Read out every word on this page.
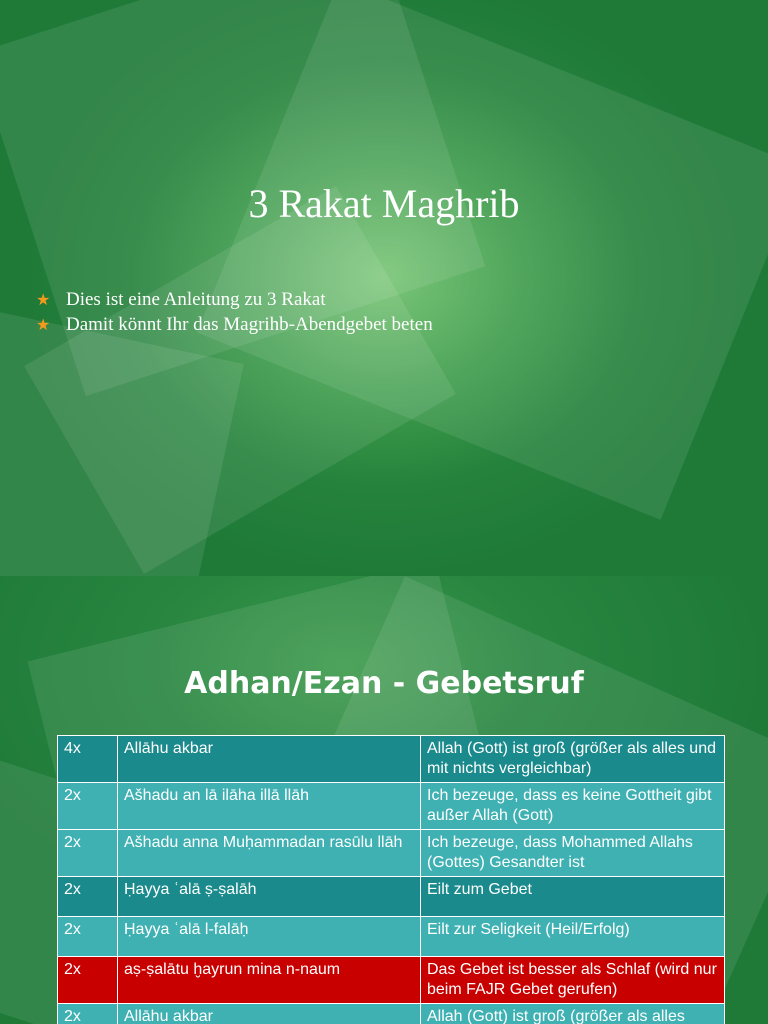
3 Rakat Maghrib
★ Dies ist eine Anleitung zu 3 Rakat
★ Damit könnt Ihr das Magrihb-Abendgebet beten
Adhan/Ezan - Gebetsruf
4x	Allāhu akbar	Allah (Gott) ist groß (größer als alles und mit nichts vergleichbar)
2x	Ašhadu an lā ilāha illā llāh	Ich bezeuge, dass es keine Gottheit gibt außer Allah (Gott)
2x	Ašhadu anna Muḥammadan rasūlu llāh	Ich bezeuge, dass Mohammed Allahs (Gottes) Gesandter ist
2x	Ḥayya ʿalā ṣ-ṣalāh	Eilt zum Gebet
2x	Ḥayya ʿalā l-falāḥ	Eilt zur Seligkeit (Heil/Erfolg)
2x	aṣ-ṣalātu ḫayrun mina n-naum	Das Gebet ist besser als Schlaf (wird nur beim FAJR Gebet gerufen)
2x	Allāhu akbar	Allah (Gott) ist groß (größer als alles
